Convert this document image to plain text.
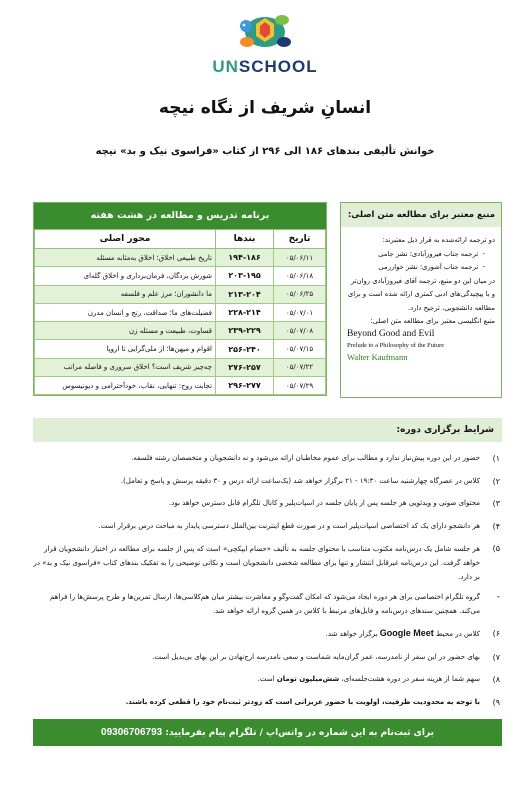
UNSCHOOL
انسانِ شریف از نگاه نیچه
خوانش تألیفی بندهای ۱۸۶ الی ۲۹۶ از کتاب «فراسوی نیک و بد» نیچه
برنامه تدریس و مطالعه در هشت هفته
تاریخ	بندها	محور اصلی
۰۵/۰۶/۱۱	۱۹۴-۱۸۶	تاریخ طبیعی اخلاق؛ اخلاق به‌مثابه مسئله
۰۵/۰۶/۱۸	۲۰۳-۱۹۵	شورش بردگان، فرمان‌برداری و اخلاق گله‌ای
۰۵/۰۶/۲۵	۲۱۳-۲۰۴	ما دانشوران؛ مرز علم و فلسفه
۰۵/۰۷/۰۱	۲۲۸-۲۱۴	فضیلت‌های ما؛ صداقت، رنج و انسان مدرن
۰۵/۰۷/۰۸	۲۳۹-۲۲۹	قساوت، طبیعت و مسئله زن
۰۵/۰۷/۱۵	۲۵۶-۲۴۰	اقوام و میهن‌ها؛ از ملی‌گرایی تا اروپا
۰۵/۰۷/۲۲	۲۷۶-۲۵۷	چه‌چیز شریف است؟ اخلاق سروری و فاصله مراتب
۰۵/۰۷/۲۹	۲۹۶-۲۷۷	تجابت روح: تنهایی، نقاب، خودآحترامی و دیونیسوس
منبع معتبر برای مطالعه متن اصلی:
دو ترجمه ارائه‌شده به قرار ذیل معتبرند:
-  ترجمه جناب فیروزآبادی؛ نشر جامی
-  ترجمه جناب آشوری؛ نشر خوارزمی
در میان این دو منبع، ترجمه آقای فیروزآبادی روان‌تر
و با پیچیدگی‌های ادبی کمتری ارائه شده است و برای
مطالعه دانشجویی، ترجیح دارد.
منبع انگلیسی معتبر برای مطالعه متن اصلی:
Beyond Good and Evil
Prelude to a Philosophy of the Future
Walter Kaufmann
شرایط برگزاری دوره:
۱)
حضور در این دوره پیش‌نیاز ندارد و مطالب برای عموم مخاطبان ارائه می‌شود و نه دانشجویان و متخصصان رشته فلسفه.
۲)
کلاس در عصرگاه چهارشنبه ساعت ۱۹:۳۰ - ۲۱ برگزار خواهد شد (یک‌ساعت ارائه درس و ۳۰ دقیقه پرسش و پاسخ و تعامل).
۳)
محتوای صوتی و ویدئویی هر جلسه پس از پایان جلسه در اسپات‌پلیر و کانال تلگرام قابل دسترس خواهد بود.
۴)
هر دانشجو دارای یک کد اختصاصی اسپات‌پلیر است و در صورت قطع اینترنت بین‌الملل دسترسی پایدار به مباحث درس برقرار است.
۵)
هر جلسه شامل یک درس‌نامه مکتوب متناسب با محتوای جلسه به تألیف «حسام ایپکچی» است که پس از جلسه برای مطالعه در اختیار دانشجویان قرار خواهد گرفت. این درس‌نامه غیرقابل انتشار و تنها برای مطالعه شخصی دانشجویان است و نکاتی توضیحی را به تفکیک بندهای کتاب «فراسوی نیک و بد» در بر دارد.
-
گروه تلگرام اختصاصی برای هر دوره ایجاد می‌شود که امکان گفت‌وگو و معاشرت بیشتر میان هم‌کلاسی‌ها، ارسال تمرین‌ها و طرح پرسش‌ها را فراهم می‌کند. همچنین سندهای درس‌نامه و فایل‌های مرتبط با کلاس در همین گروه ارائه خواهد شد.
۶)
کلاس در محیط Google Meet برگزار خواهد شد.
۷)
بهای حضور در این سفر از نامدرسه، عمر گران‌مایه شماست و سعی نامدرسه ارج‌نهادن بر این بهای بی‌بدیل است.
۸)
سهم شما از هزینه سفر در دوره هشت‌جلسه‌ای، شش‌میلیون تومان است.
۹)
با توجه به محدودیت ظرفیت، اولویت با حضور عزیزانی است که زودتر ثبت‌نام خود را قطعی کرده باشند.
برای ثبت‌نام به این شماره در واتس‌اپ / تلگرام پیام بفرمایید: 09306706793
